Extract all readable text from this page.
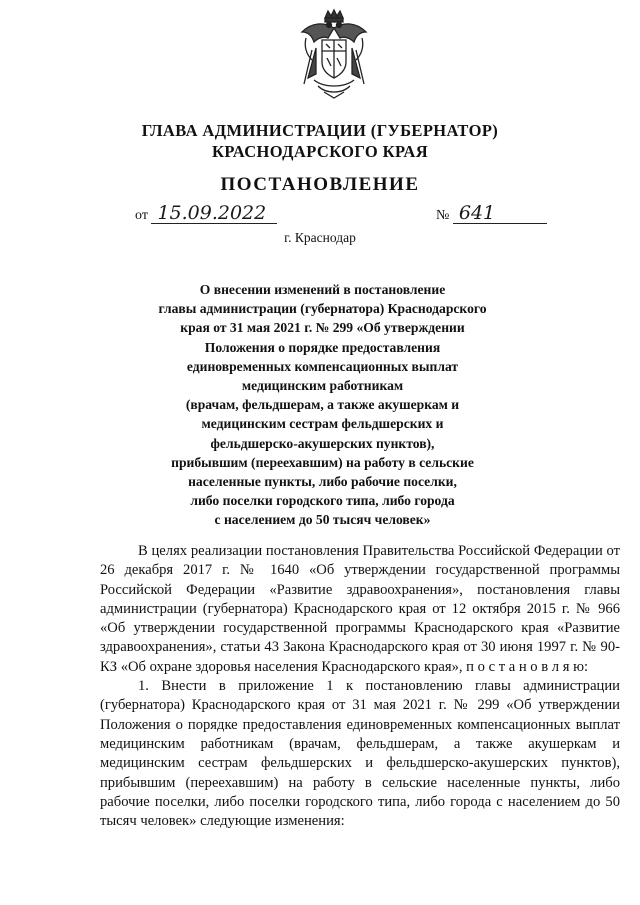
ГЛАВА АДМИНИСТРАЦИИ (ГУБЕРНАТОР)
КРАСНОДАРСКОГО КРАЯ
ПОСТАНОВЛЕНИЕ
от 15.09.2022	№ 641
г. Краснодар
О внесении изменений в постановление
главы администрации (губернатора) Краснодарского
края от 31 мая 2021 г. № 299 «Об утверждении
Положения о порядке предоставления
единовременных компенсационных выплат
медицинским работникам
(врачам, фельдшерам, а также акушеркам и
медицинским сестрам фельдшерских и
фельдшерско-акушерских пунктов),
прибывшим (переехавшим) на работу в сельские
населенные пункты, либо рабочие поселки,
либо поселки городского типа, либо города
с населением до 50 тысяч человек»

В целях реализации постановления Правительства Российской Федерации от 26 декабря 2017 г. № 1640 «Об утверждении государственной программы Российской Федерации «Развитие здравоохранения», постановления главы администрации (губернатора) Краснодарского края от 12 октября 2015 г. № 966 «Об утверждении государственной программы Краснодарского края «Развитие здравоохранения», статьи 43 Закона Краснодарского края от 30 июня 1997 г. № 90-КЗ «Об охране здоровья населения Краснодарского края», п о с т а н о в л я ю:

1. Внести в приложение 1 к постановлению главы администрации (губернатора) Краснодарского края от 31 мая 2021 г. № 299 «Об утверждении Положения о порядке предоставления единовременных компенсационных выплат медицинским работникам (врачам, фельдшерам, а также акушеркам и медицинским сестрам фельдшерских и фельдшерско-акушерских пунктов), прибывшим (переехавшим) на работу в сельские населенные пункты, либо рабочие поселки, либо поселки городского типа, либо города с населением до 50 тысяч человек» следующие изменения:
